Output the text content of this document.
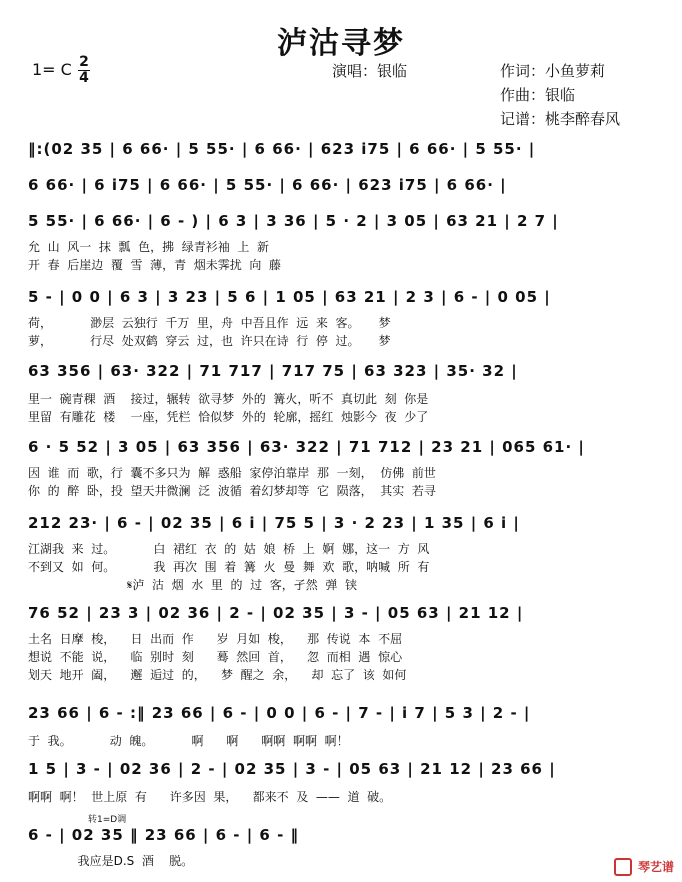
泸沽寻梦
演唱：银临	作词：小鱼萝莉
作曲：银临
记谱：桃李醉春风
1= C 2
4
‖:(02 35 | 6 66· | 5 55· | 6 66· | 623 i75 | 6 66· | 5 55· |
6 66· | 6 i75 | 6 66· | 5 55· | 6 66· | 623 i75 | 6 66· |
5 55· | 6 66· | 6 - ) | 6 3 | 3 36 | 5 · 2 | 3 05 | 63 21 | 2 7 |
允  山  风一  抹  瓢  色，拂  绿青衫袖  上  新
开  春  后崖边  覆  雪  薄，青  烟未霁扰  向  藤
5 - | 0 0 | 6 3 | 3 23 | 5 6 | 1 05 | 63 21 | 2 3 | 6 - | 0 05 |
荷，          渺层  云独行  千万  里，舟  中吾且作  远  来  客。     梦
萝，          行尽  处双鹤  穿云  过，也  许只在诗  行  停  过。     梦
63 356 | 63· 322 | 71 717 | 717 75 | 63 323 | 35· 32 |
里一  碗青稞  酒    接过，辗转  欲寻梦  外的  篝火，听不  真切此  刻  你是
里留  有雕花  楼    一座，凭栏  恰似梦  外的  轮廓，摇红  烛影今  夜  少了
6 · 5 52 | 3 05 | 63 356 | 63· 322 | 71 712 | 23 21 | 065 61· |
因  谁  而  歌，行  囊不多只为  解  惑船  家停泊靠岸  那  一刻，  仿佛  前世
你  的  醉  卧，投  望天井微澜  泛  波循  着幻梦却等  它  陨落，  其实  若寻
212 23· | 6 - | 02 35 | 6 i | 75 5 | 3 · 2 23 | 1 35 | 6 i |
江湖我  来  过。          白  裙红  衣  的  姑  娘  桥  上  婀  娜，这一  方  风
不到又  如  何。          我  再次  围  着  篝  火  曼  舞  欢  歌，呐喊  所  有
𝄋泸  沽  烟  水  里  的  过  客，孑然  弹  铗
76 52 | 23 3 | 02 36 | 2 - | 02 35 | 3 - | 05 63 | 21 12 |
土名  日摩  梭，    日  出而  作      岁  月如  梭，    那  传说  本  不屈
想说  不能  说，    临  别时  刻      蓦  然回  首，    忽  而相  遇  惊心
划天  地开  阖，    邂  逅过  的，    梦  醒之  余，    却  忘了  该  如何
23 66 | 6 - :‖ 23 66 | 6 - | 0 0 | 6 - | 7 - | i 7 | 5 3 | 2 - |
于  我。          动  魄。          啊      啊      啊啊  啊啊  啊！
1 5 | 3 - | 02 36 | 2 - | 02 35 | 3 - | 05 63 | 21 12 | 23 66 |
啊啊  啊！  世上原  有      许多因  果，    都来不  及  ——  道  破。
转1=D调
6 - | 02 35 ‖ 23 66 | 6 - | 6 - ‖
我应是D.S  酒    脱。	琴艺谱
